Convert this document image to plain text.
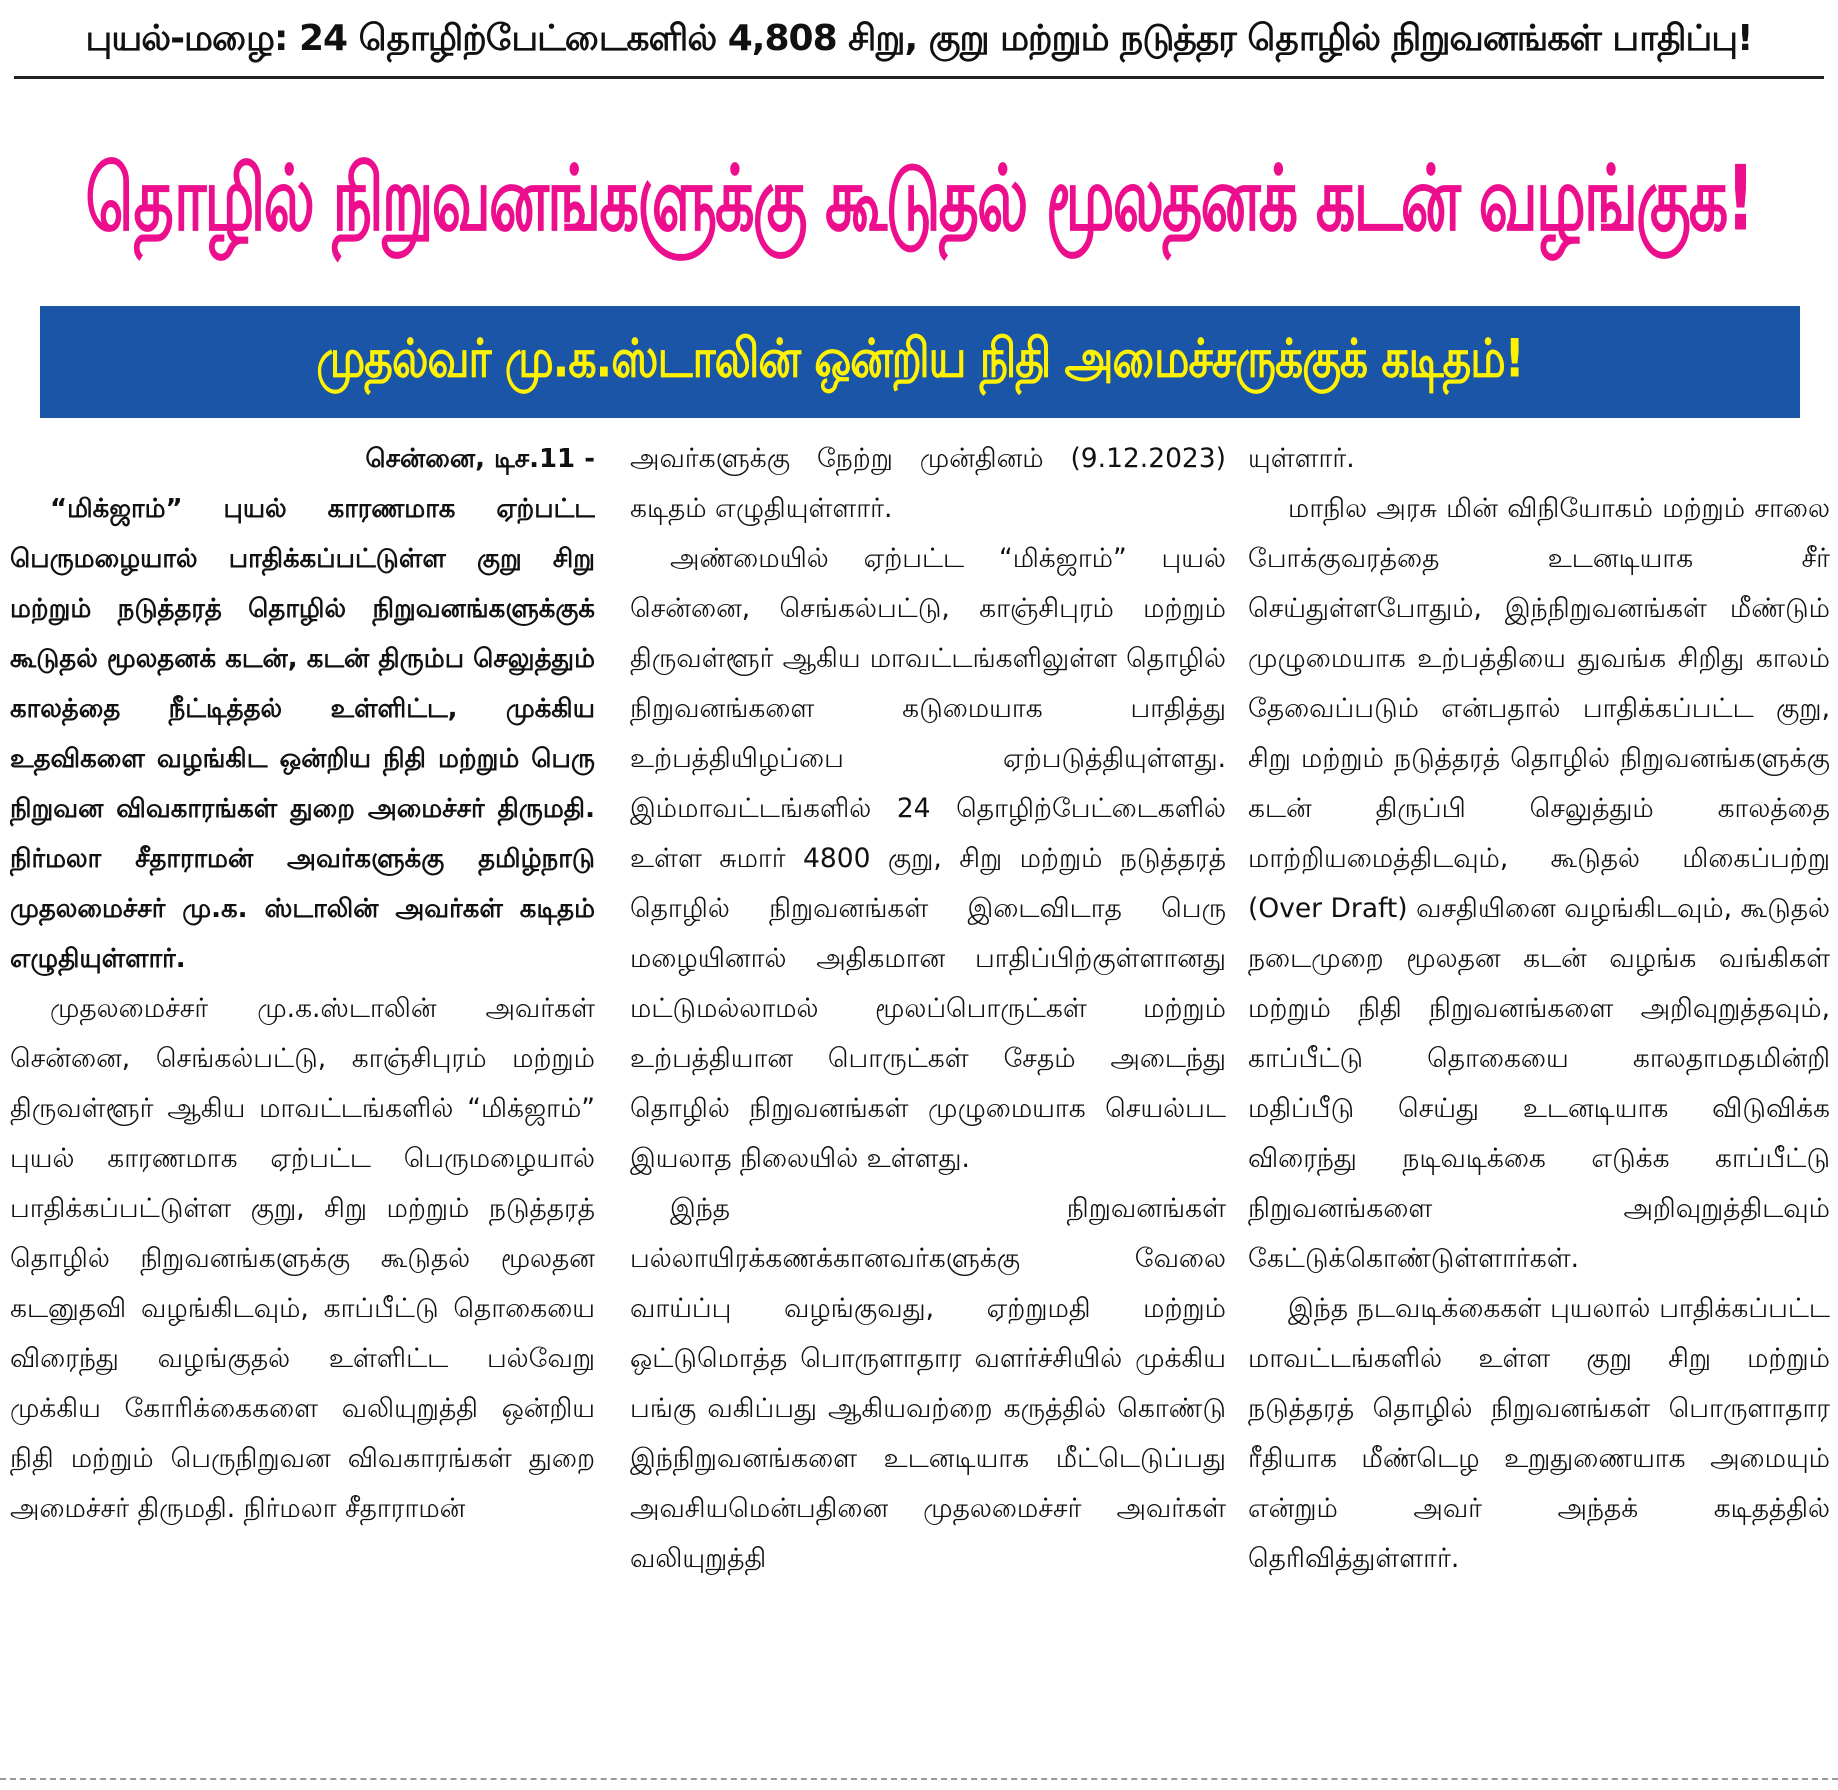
புயல்-மழை: 24 தொழிற்பேட்டைகளில் 4,808 சிறு, குறு மற்றும் நடுத்தர தொழில் நிறுவனங்கள் பாதிப்பு!
தொழில் நிறுவனங்களுக்கு கூடுதல் மூலதனக் கடன் வழங்குக!
முதல்வர் மு.க.ஸ்டாலின் ஒன்றிய நிதி அமைச்சருக்குக் கடிதம்!

சென்னை, டிச.11 -

“மிக்ஜாம்” புயல் காரணமாக ஏற்பட்ட பெருமழையால் பாதிக்கப்பட்டுள்ள குறு சிறு மற்றும் நடுத்தரத் தொழில் நிறுவனங்களுக்குக் கூடுதல் மூலதனக் கடன், கடன் திரும்ப செலுத்தும் காலத்தை நீட்டித்தல் உள்ளிட்ட, முக்கிய உதவிகளை வழங்கிட ஒன்றிய நிதி மற்றும் பெரு நிறுவன விவகாரங்கள் துறை அமைச்சர் திருமதி. நிர்மலா சீதாராமன் அவர்களுக்கு தமிழ்நாடு முதலமைச்சர் மு.க. ஸ்டாலின் அவர்கள் கடிதம் எழுதியுள்ளார்.

முதலமைச்சர் மு.க.ஸ்டாலின் அவர்கள் சென்னை, செங்கல்பட்டு, காஞ்சிபுரம் மற்றும் திருவள்ளூர் ஆகிய மாவட்டங்களில் “மிக்ஜாம்” புயல் காரணமாக ஏற்பட்ட பெருமழையால் பாதிக்கப்பட்டுள்ள குறு, சிறு மற்றும் நடுத்தரத் தொழில் நிறுவனங்களுக்கு கூடுதல் மூலதன கடனுதவி வழங்கிடவும், காப்பீட்டு தொகையை விரைந்து வழங்குதல் உள்ளிட்ட பல்வேறு முக்கிய கோரிக்கைகளை வலியுறுத்தி ஒன்றிய நிதி மற்றும் பெருநிறுவன விவகாரங்கள் துறை அமைச்சர் திருமதி. நிர்மலா சீதாராமன்

அவர்களுக்கு நேற்று முன்தினம் (9.12.2023) கடிதம் எழுதியுள்ளார்.

அண்மையில் ஏற்பட்ட “மிக்ஜாம்” புயல் சென்னை, செங்கல்பட்டு, காஞ்சிபுரம் மற்றும் திருவள்ளூர் ஆகிய மாவட்டங்களிலுள்ள தொழில் நிறுவனங்களை கடுமையாக பாதித்து உற்பத்தியிழப்பை ஏற்படுத்தியுள்ளது. இம்மாவட்டங்களில் 24 தொழிற்பேட்டைகளில் உள்ள சுமார் 4800 குறு, சிறு மற்றும் நடுத்தரத் தொழில் நிறுவனங்கள் இடைவிடாத பெரு மழையினால் அதிகமான பாதிப்பிற்குள்ளானது மட்டுமல்லாமல் மூலப்பொருட்கள் மற்றும் உற்பத்தியான பொருட்கள் சேதம் அடைந்து தொழில் நிறுவனங்கள் முழுமையாக செயல்பட இயலாத நிலையில் உள்ளது.

இந்த நிறுவனங்கள் பல்லாயிரக்கணக்கானவர்களுக்கு வேலை வாய்ப்பு வழங்குவது, ஏற்றுமதி மற்றும் ஒட்டுமொத்த பொருளாதார வளர்ச்சியில் முக்கிய பங்கு வகிப்பது ஆகியவற்றை கருத்தில் கொண்டு இந்நிறுவனங்களை உடனடியாக மீட்டெடுப்பது அவசியமென்பதினை முதலமைச்சர் அவர்கள் வலியுறுத்தி

யுள்ளார்.

மாநில அரசு மின் விநியோகம் மற்றும் சாலை போக்குவரத்தை உடனடியாக சீர் செய்துள்ளபோதும், இந்நிறுவனங்கள் மீண்டும் முழுமையாக உற்பத்தியை துவங்க சிறிது காலம் தேவைப்படும் என்பதால் பாதிக்கப்பட்ட குறு, சிறு மற்றும் நடுத்தரத் தொழில் நிறுவனங்களுக்கு கடன் திருப்பி செலுத்தும் காலத்தை மாற்றியமைத்திடவும், கூடுதல் மிகைப்பற்று (Over Draft) வசதியினை வழங்கிடவும், கூடுதல் நடைமுறை மூலதன கடன் வழங்க வங்கிகள் மற்றும் நிதி நிறுவனங்களை அறிவுறுத்தவும், காப்பீட்டு தொகையை காலதாமதமின்றி மதிப்பீடு செய்து உடனடியாக விடுவிக்க விரைந்து நடிவடிக்கை எடுக்க காப்பீட்டு நிறுவனங்களை அறிவுறுத்திடவும் கேட்டுக்கொண்டுள்ளார்கள்.

இந்த நடவடிக்கைகள் புயலால் பாதிக்கப்பட்ட மாவட்டங்களில் உள்ள குறு சிறு மற்றும் நடுத்தரத் தொழில் நிறுவனங்கள் பொருளாதார ரீதியாக மீண்டெழ உறுதுணையாக அமையும் என்றும் அவர் அந்தக் கடிதத்தில் தெரிவித்துள்ளார்.
